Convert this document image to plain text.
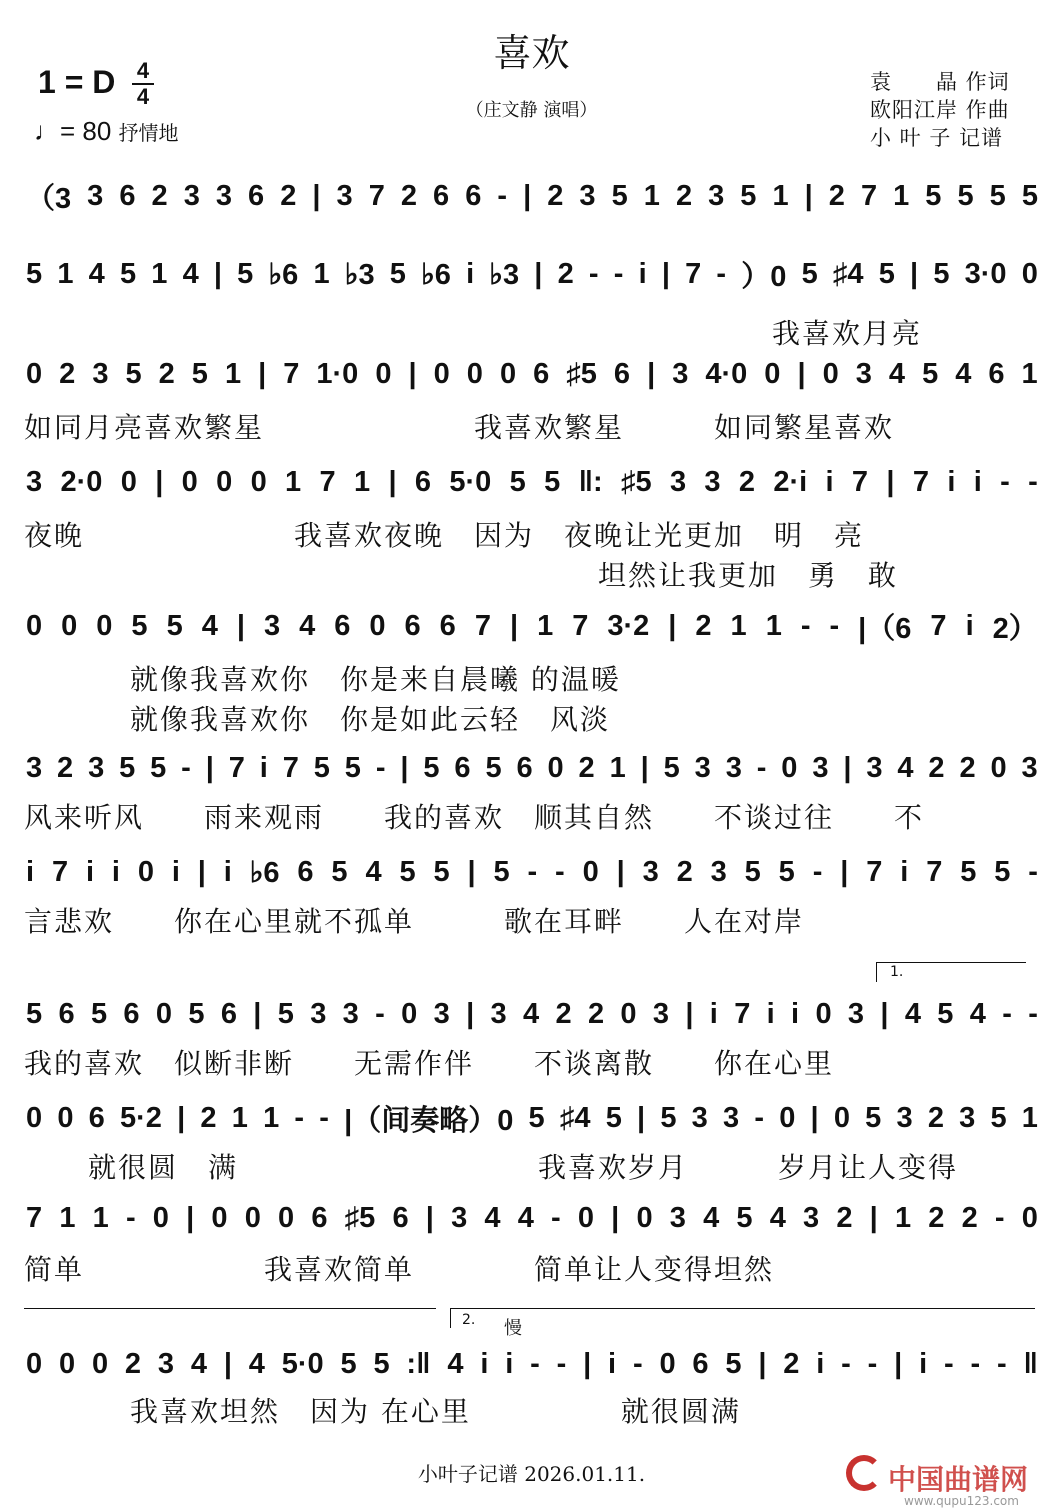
喜欢
（庄文静 演唱）
1 = D 4
4
♩= 80 抒情地
袁　　晶 作词
欧阳江岸 作曲
小 叶 子 记谱
（3 3 6 2 3 3 6 2 | 3 7 2 6 6 - | 2 3 5 1 2 3 5 1 | 2 7 1 5 5 5 5
5 1 4 5 1 4 | 5 ♭6 1 ♭3 5 ♭6 i ♭3 | 2 - - i | 7 - ）0 5 ♯4 5 | 5 3·0 0
我喜欢月亮
0 2 3 5 2 5 1 | 7 1·0 0 | 0 0 0 6 ♯5 6 | 3 4·0 0 | 0 3 4 5 4 6 1
如同月亮喜欢繁星　　　　　　　我喜欢繁星　　　如同繁星喜欢
3 2·0 0 | 0 0 0 1 7 1 | 6 5·0 5 5 ‖: ♯5 3 3 2 2·i i 7 | 7 i i - -
夜晚　　　　　　　我喜欢夜晚　因为　夜晚让光更加　明　亮
坦然让我更加　勇　敢
0 0 0 5 5 4 | 3 4 6 0 6 6 7 | 1 7 3·2 | 2 1 1 - - |（6 7 i 2）
就像我喜欢你　你是来自晨曦 的温暖
就像我喜欢你　你是如此云轻　风淡
3 2 3 5 5 - | 7 i 7 5 5 - | 5 6 5 6 0 2 1 | 5 3 3 - 0 3 | 3 4 2 2 0 3
风来听风　　雨来观雨　　我的喜欢　顺其自然　　不谈过往　　不
i 7 i i 0 i | i ♭6 6 5 4 5 5 | 5 - - 0 | 3 2 3 5 5 - | 7 i 7 5 5 -
言悲欢　　你在心里就不孤单　　　歌在耳畔　　人在对岸
5 6 5 6 0 5 6 | 5 3 3 - 0 3 | 3 4 2 2 0 3 | i 7 i i 0 3 | 4 5 4 - -
我的喜欢　似断非断　　无需作伴　　不谈离散　　你在心里
0 0 6 5·2 | 2 1 1 - - |（间奏略）0 5 ♯4 5 | 5 3 3 - 0 | 0 5 3 2 3 5 1
就很圆　满　　　　　　　　　　我喜欢岁月　　　岁月让人变得
7 1 1 - 0 | 0 0 0 6 ♯5 6 | 3 4 4 - 0 | 0 3 4 5 4 3 2 | 1 2 2 - 0
简单　　　　　　我喜欢简单　　　　简单让人变得坦然
0 0 0 2 3 4 | 4 5·0 5 5 :‖ 4 i i - - | i - 0 6 5 | 2 i - - | i - - - ‖
我喜欢坦然　因为 在心里　　　　　就很圆满
1.
2. 慢
小叶子记谱 2026.01.11.	中国曲谱网
www.qupu123.com
